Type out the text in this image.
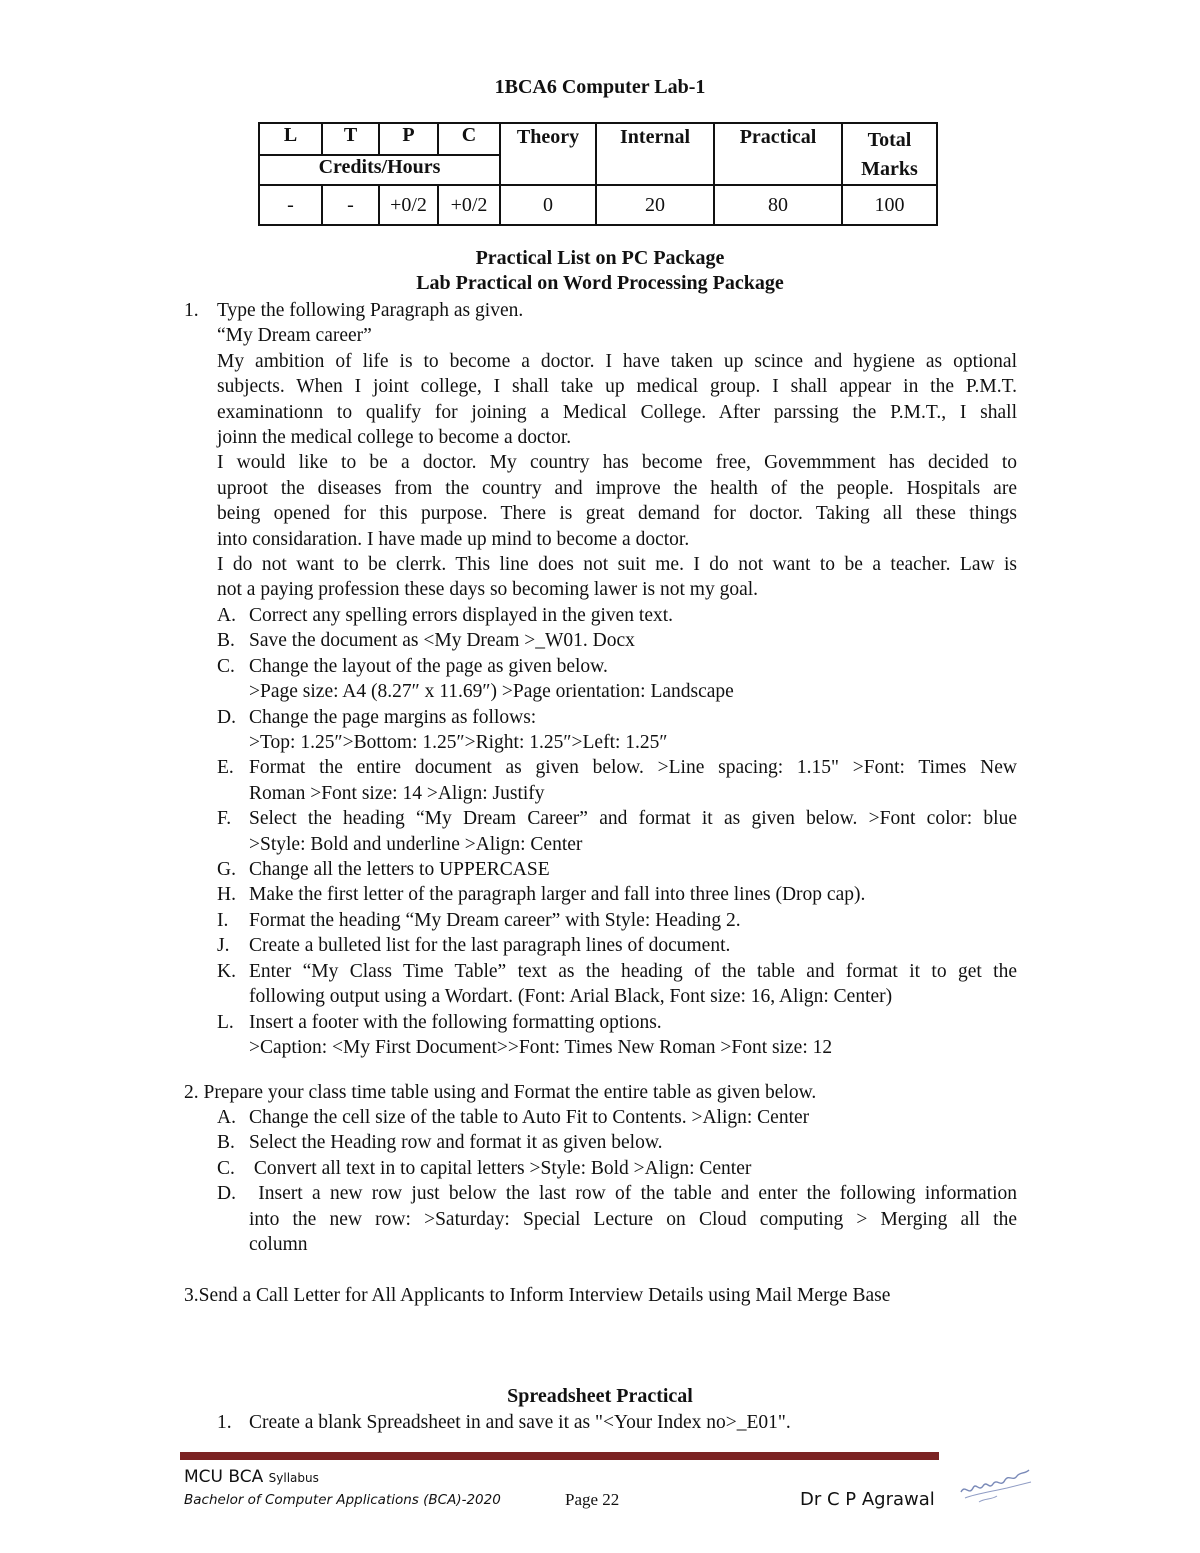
1BCA6 Computer Lab-1
L	T	P	C	Theory	Internal	Practical	Total
Marks

Credits/Hours							
-	-	+0/2	+0/2	0	20	80	100
Practical List on PC Package
Lab Practical on Word Processing Package
1. Type the following Paragraph as given.
“My Dream career”
My ambition of life is to become a doctor. I have taken up scince and hygiene as optional
subjects. When I joint college, I shall take up medical group. I shall appear in the P.M.T.
examinationn to qualify for joining a Medical College. After parssing the P.M.T., I shall
joinn the medical college to become a doctor.
I would like to be a doctor. My country has become free, Govemmment has decided to
uproot the diseases from the country and improve the health of the people. Hospitals are
being opened for this purpose. There is great demand for doctor. Taking all these things
into considaration. I have made up mind to become a doctor.
I do not want to be clerrk. This line does not suit me. I do not want to be a teacher. Law is
not a paying profession these days so becoming lawer is not my goal.
A. Correct any spelling errors displayed in the given text.
B. Save the document as <My Dream >_W01. Docx
C. Change the layout of the page as given below.
>Page size: A4 (8.27″ x 11.69″) >Page orientation: Landscape
D. Change the page margins as follows:
>Top: 1.25″>Bottom: 1.25″>Right: 1.25″>Left: 1.25″
E. Format the entire document as given below. >Line spacing: 1.15" >Font: Times New
Roman >Font size: 14 >Align: Justify
F. Select the heading “My Dream Career” and format it as given below. >Font color: blue
>Style: Bold and underline >Align: Center
G. Change all the letters to UPPERCASE
H. Make the first letter of the paragraph larger and fall into three lines (Drop cap).
I.	Format the heading “My Dream career” with Style: Heading 2.
J.	Create a bulleted list for the last paragraph lines of document.
K. Enter “My Class Time Table” text as the heading of the table and format it to get the
following output using a Wordart. (Font: Arial Black, Font size: 16, Align: Center)
L. Insert a footer with the following formatting options.
>Caption: <My First Document>>Font: Times New Roman >Font size: 12
2. Prepare your class time table using and Format the entire table as given below.
A. Change the cell size of the table to Auto Fit to Contents. >Align: Center
B. Select the Heading row and format it as given below.
C. Convert all text in to capital letters >Style: Bold >Align: Center
D. Insert a new row just below the last row of the table and enter the following information
into the new row: >Saturday: Special Lecture on Cloud computing > Merging all the
column
3.Send a Call Letter for All Applicants to Inform Interview Details using Mail Merge Base
Spreadsheet Practical
1. Create a blank Spreadsheet in and save it as "<Your Index no>_E01".
MCU BCA Syllabus
Bachelor of Computer Applications (BCA)-2020	Page 22	Dr C P Agrawal
